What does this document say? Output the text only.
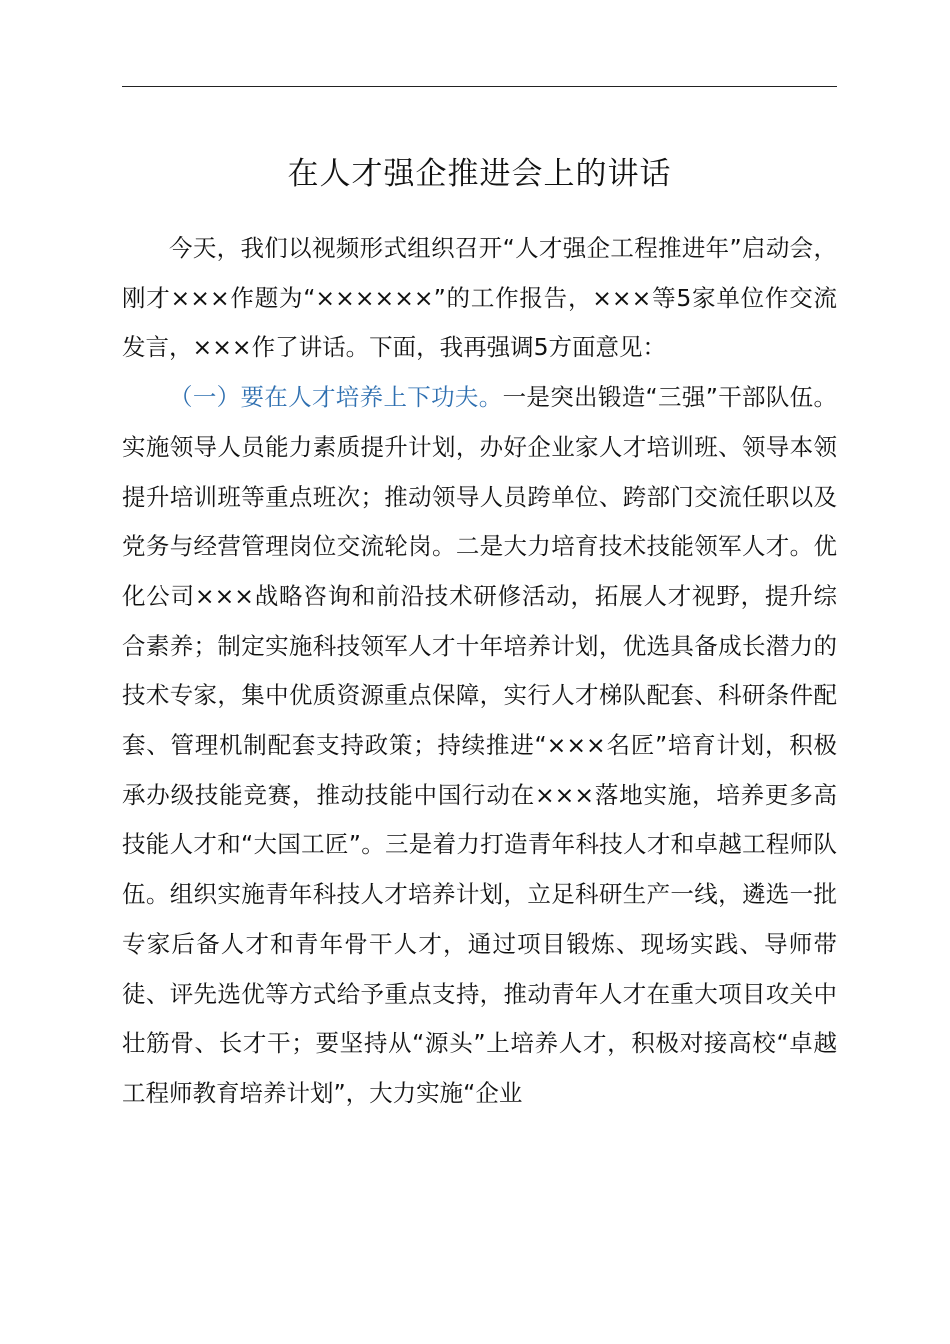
在人才强企推进会上的讲话

今天，我们以视频形式组织召开“人才强企工程推进年”启动会，刚才×××作题为“××××××”的工作报告，×××等5家单位作交流发言，×××作了讲话。下面，我再强调5方面意见：

（一）要在人才培养上下功夫。一是突出锻造“三强”干部队伍。实施领导人员能力素质提升计划，办好企业家人才培训班、领导本领提升培训班等重点班次；推动领导人员跨单位、跨部门交流任职以及党务与经营管理岗位交流轮岗。二是大力培育技术技能领军人才。优化公司×××战略咨询和前沿技术研修活动，拓展人才视野，提升综合素养；制定实施科技领军人才十年培养计划，优选具备成长潜力的技术专家，集中优质资源重点保障，实行人才梯队配套、科研条件配套、管理机制配套支持政策；持续推进“×××名匠”培育计划，积极承办级技能竞赛，推动技能中国行动在×××落地实施，培养更多高技能人才和“大国工匠”。三是着力打造青年科技人才和卓越工程师队伍。组织实施青年科技人才培养计划，立足科研生产一线，遴选一批专家后备人才和青年骨干人才，通过项目锻炼、现场实践、导师带徒、评先选优等方式给予重点支持，推动青年人才在重大项目攻关中壮筋骨、长才干；要坚持从“源头”上培养人才，积极对接高校“卓越工程师教育培养计划”，大力实施“企业
